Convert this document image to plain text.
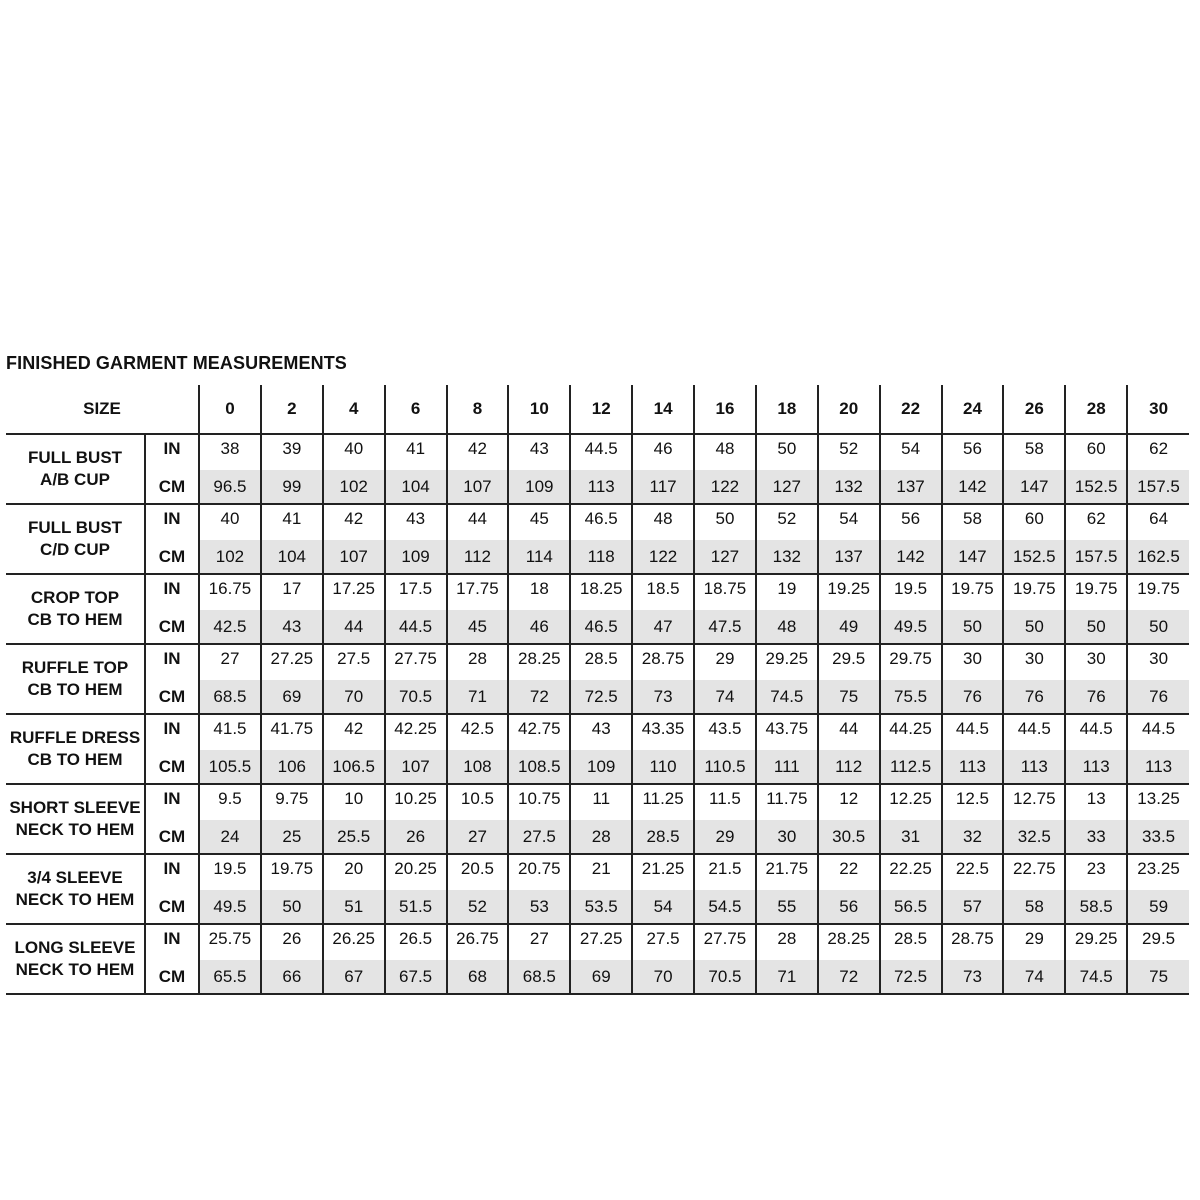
FINISHED GARMENT MEASUREMENTS
SIZE		0	2	4	6	8	10	12	14	16	18	20	22	24	26	28	30

FULL BUST
A/B CUP	IN	38	39	40	41	42	43	44.5	46	48	50	52	54	56	58	60	62
	CM	96.5	99	102	104	107	109	113	117	122	127	132	137	142	147	152.5	157.5

FULL BUST
C/D CUP	IN	40	41	42	43	44	45	46.5	48	50	52	54	56	58	60	62	64
	CM	102	104	107	109	112	114	118	122	127	132	137	142	147	152.5	157.5	162.5

CROP TOP
CB TO HEM	IN	16.75	17	17.25	17.5	17.75	18	18.25	18.5	18.75	19	19.25	19.5	19.75	19.75	19.75	19.75
	CM	42.5	43	44	44.5	45	46	46.5	47	47.5	48	49	49.5	50	50	50	50

RUFFLE TOP
CB TO HEM	IN	27	27.25	27.5	27.75	28	28.25	28.5	28.75	29	29.25	29.5	29.75	30	30	30	30
	CM	68.5	69	70	70.5	71	72	72.5	73	74	74.5	75	75.5	76	76	76	76

RUFFLE DRESS
CB TO HEM	IN	41.5	41.75	42	42.25	42.5	42.75	43	43.35	43.5	43.75	44	44.25	44.5	44.5	44.5	44.5
	CM	105.5	106	106.5	107	108	108.5	109	110	110.5	111	112	112.5	113	113	113	113

SHORT SLEEVE
NECK TO HEM	IN	9.5	9.75	10	10.25	10.5	10.75	11	11.25	11.5	11.75	12	12.25	12.5	12.75	13	13.25
	CM	24	25	25.5	26	27	27.5	28	28.5	29	30	30.5	31	32	32.5	33	33.5

3/4 SLEEVE
NECK TO HEM	IN	19.5	19.75	20	20.25	20.5	20.75	21	21.25	21.5	21.75	22	22.25	22.5	22.75	23	23.25
	CM	49.5	50	51	51.5	52	53	53.5	54	54.5	55	56	56.5	57	58	58.5	59

LONG SLEEVE
NECK TO HEM	IN	25.75	26	26.25	26.5	26.75	27	27.25	27.5	27.75	28	28.25	28.5	28.75	29	29.25	29.5
	CM	65.5	66	67	67.5	68	68.5	69	70	70.5	71	72	72.5	73	74	74.5	75
